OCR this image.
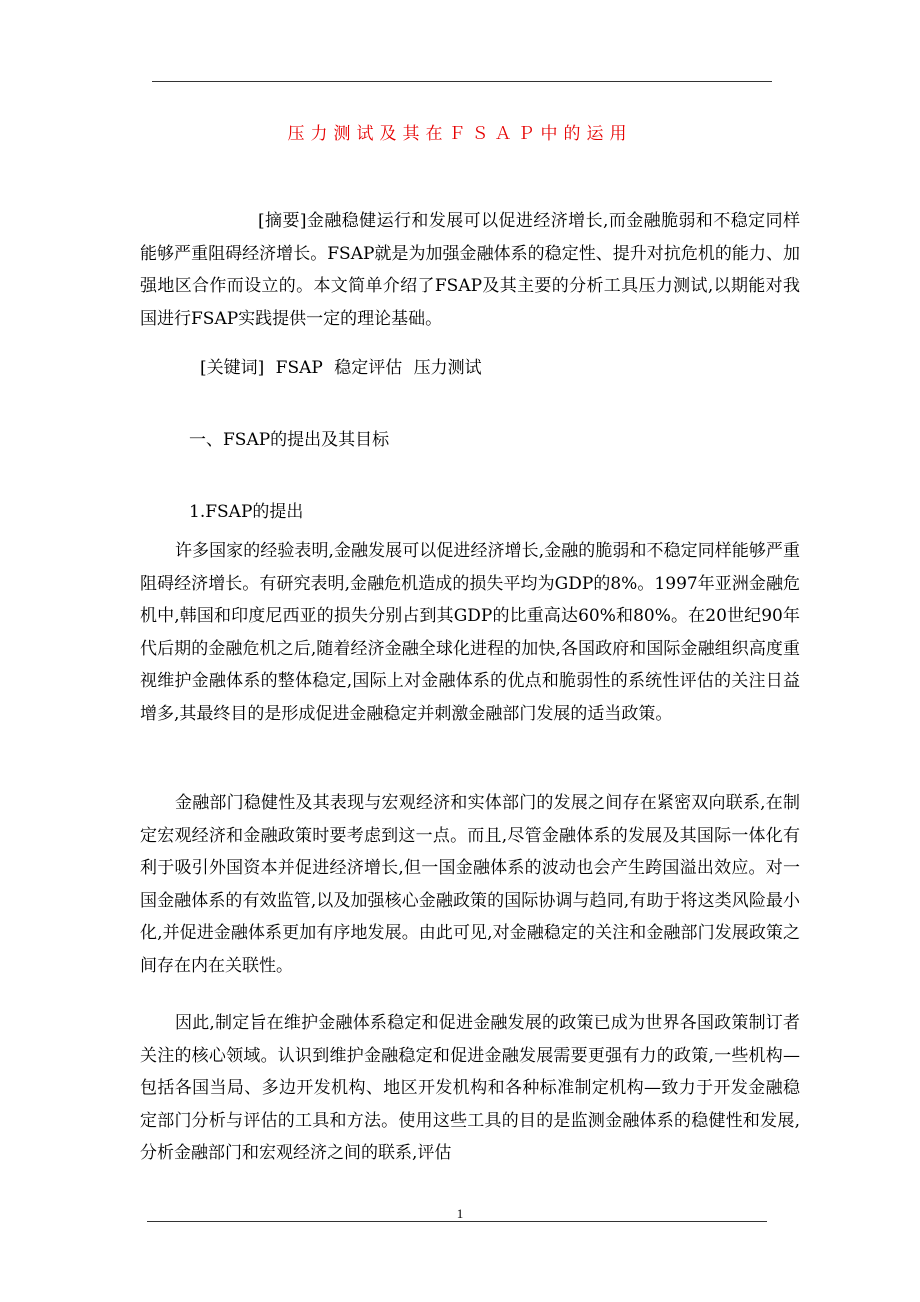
压力测试及其在ＦＳＡＰ中的运用

[摘要]金融稳健运行和发展可以促进经济增长,而金融脆弱和不稳定同样能够严重阻碍经济增长。FSAP就是为加强金融体系的稳定性、提升对抗危机的能力、加强地区合作而设立的。本文简单介绍了FSAP及其主要的分析工具压力测试,以期能对我国进行FSAP实践提供一定的理论基础。

[关键词] FSAP 稳定评估 压力测试

一、FSAP的提出及其目标

1.FSAP的提出

许多国家的经验表明,金融发展可以促进经济增长,金融的脆弱和不稳定同样能够严重阻碍经济增长。有研究表明,金融危机造成的损失平均为GDP的8%。1997年亚洲金融危机中,韩国和印度尼西亚的损失分别占到其GDP的比重高达60%和80%。在20世纪90年代后期的金融危机之后,随着经济金融全球化进程的加快,各国政府和国际金融组织高度重视维护金融体系的整体稳定,国际上对金融体系的优点和脆弱性的系统性评估的关注日益增多,其最终目的是形成促进金融稳定并刺激金融部门发展的适当政策。

金融部门稳健性及其表现与宏观经济和实体部门的发展之间存在紧密双向联系,在制定宏观经济和金融政策时要考虑到这一点。而且,尽管金融体系的发展及其国际一体化有利于吸引外国资本并促进经济增长,但一国金融体系的波动也会产生跨国溢出效应。对一国金融体系的有效监管,以及加强核心金融政策的国际协调与趋同,有助于将这类风险最小化,并促进金融体系更加有序地发展。由此可见,对金融稳定的关注和金融部门发展政策之间存在内在关联性。

因此,制定旨在维护金融体系稳定和促进金融发展的政策已成为世界各国政策制订者关注的核心领域。认识到维护金融稳定和促进金融发展需要更强有力的政策,一些机构—包括各国当局、多边开发机构、地区开发机构和各种标准制定机构—致力于开发金融稳定部门分析与评估的工具和方法。使用这些工具的目的是监测金融体系的稳健性和发展,分析金融部门和宏观经济之间的联系,评估

1
